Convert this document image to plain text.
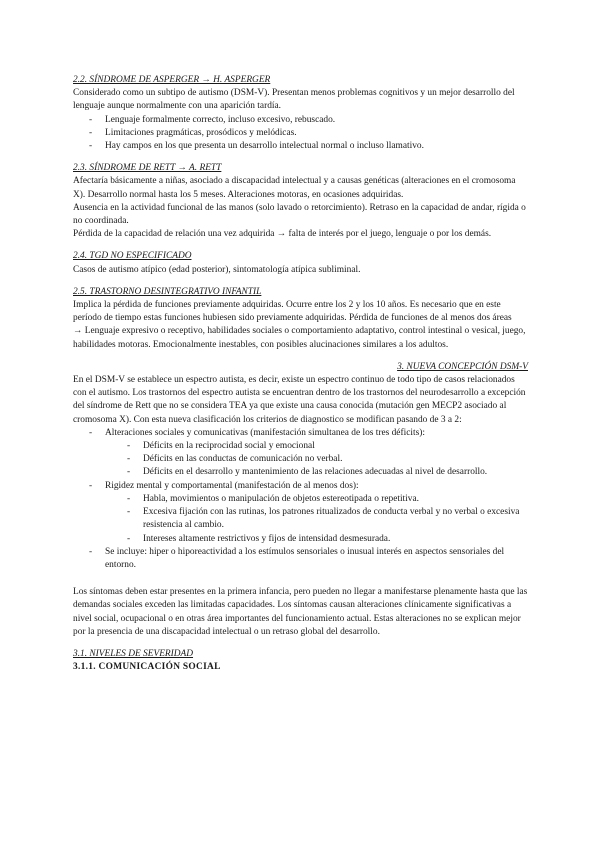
2.2. SÍNDROME DE ASPERGER → H. ASPERGER

Considerado como un subtipo de autismo (DSM-V). Presentan menos problemas cognitivos y un mejor desarrollo del lenguaje aunque normalmente con una aparición tardía.

- Lenguaje formalmente correcto, incluso excesivo, rebuscado.
- Limitaciones pragmáticas, prosódicos y melódicas.
- Hay campos en los que presenta un desarrollo intelectual normal o incluso llamativo.

2.3. SÍNDROME DE RETT → A. RETT

Afectaría básicamente a niñas, asociado a discapacidad intelectual y a causas genéticas (alteraciones en el cromosoma X). Desarrollo normal hasta los 5 meses. Alteraciones motoras, en ocasiones adquiridas.

Ausencia en la actividad funcional de las manos (solo lavado o retorcimiento). Retraso en la capacidad de andar, rígida o no coordinada.

Pérdida de la capacidad de relación una vez adquirida → falta de interés por el juego, lenguaje o por los demás.

2.4. TGD NO ESPECIFICADO

Casos de autismo atípico (edad posterior), sintomatología atípica subliminal.

2.5. TRASTORNO DESINTEGRATIVO INFANTIL

Implica la pérdida de funciones previamente adquiridas. Ocurre entre los 2 y los 10 años. Es necesario que en este período de tiempo estas funciones hubiesen sido previamente adquiridas. Pérdida de funciones de al menos dos áreas

→ Lenguaje expresivo o receptivo, habilidades sociales o comportamiento adaptativo, control intestinal o vesical, juego, habilidades motoras. Emocionalmente inestables, con posibles alucinaciones similares a los adultos.

3. NUEVA CONCEPCIÓN DSM-V

En el DSM-V se establece un espectro autista, es decir, existe un espectro continuo de todo tipo de casos relacionados con el autismo. Los trastornos del espectro autista se encuentran dentro de los trastornos del neurodesarrollo a excepción del síndrome de Rett que no se considera TEA ya que existe una causa conocida (mutación gen MECP2 asociado al cromosoma X). Con esta nueva clasificación los criterios de diagnostico se modifican pasando de 3 a 2:

- Alteraciones sociales y comunicativas (manifestación simultanea de los tres déficits):
- Déficits en la reciprocidad social y emocional
- Déficits en las conductas de comunicación no verbal.
- Déficits en el desarrollo y mantenimiento de las relaciones adecuadas al nivel de desarrollo.
- Rigidez mental y comportamental (manifestación de al menos dos):
- Habla, movimientos o manipulación de objetos estereotipada o repetitiva.
- Excesiva fijación con las rutinas, los patrones ritualizados de conducta verbal y no verbal o excesiva resistencia al cambio.
- Intereses altamente restrictivos y fijos de intensidad desmesurada.
- Se incluye: hiper o hiporeactividad a los estímulos sensoriales o inusual interés en aspectos sensoriales del entorno.

Los síntomas deben estar presentes en la primera infancia, pero pueden no llegar a manifestarse plenamente hasta que las demandas sociales exceden las limitadas capacidades. Los síntomas causan alteraciones clínicamente significativas a nivel social, ocupacional o en otras área importantes del funcionamiento actual. Estas alteraciones no se explican mejor por la presencia de una discapacidad intelectual o un retraso global del desarrollo.

3.1. NIVELES DE SEVERIDAD

3.1.1. COMUNICACIÓN SOCIAL
